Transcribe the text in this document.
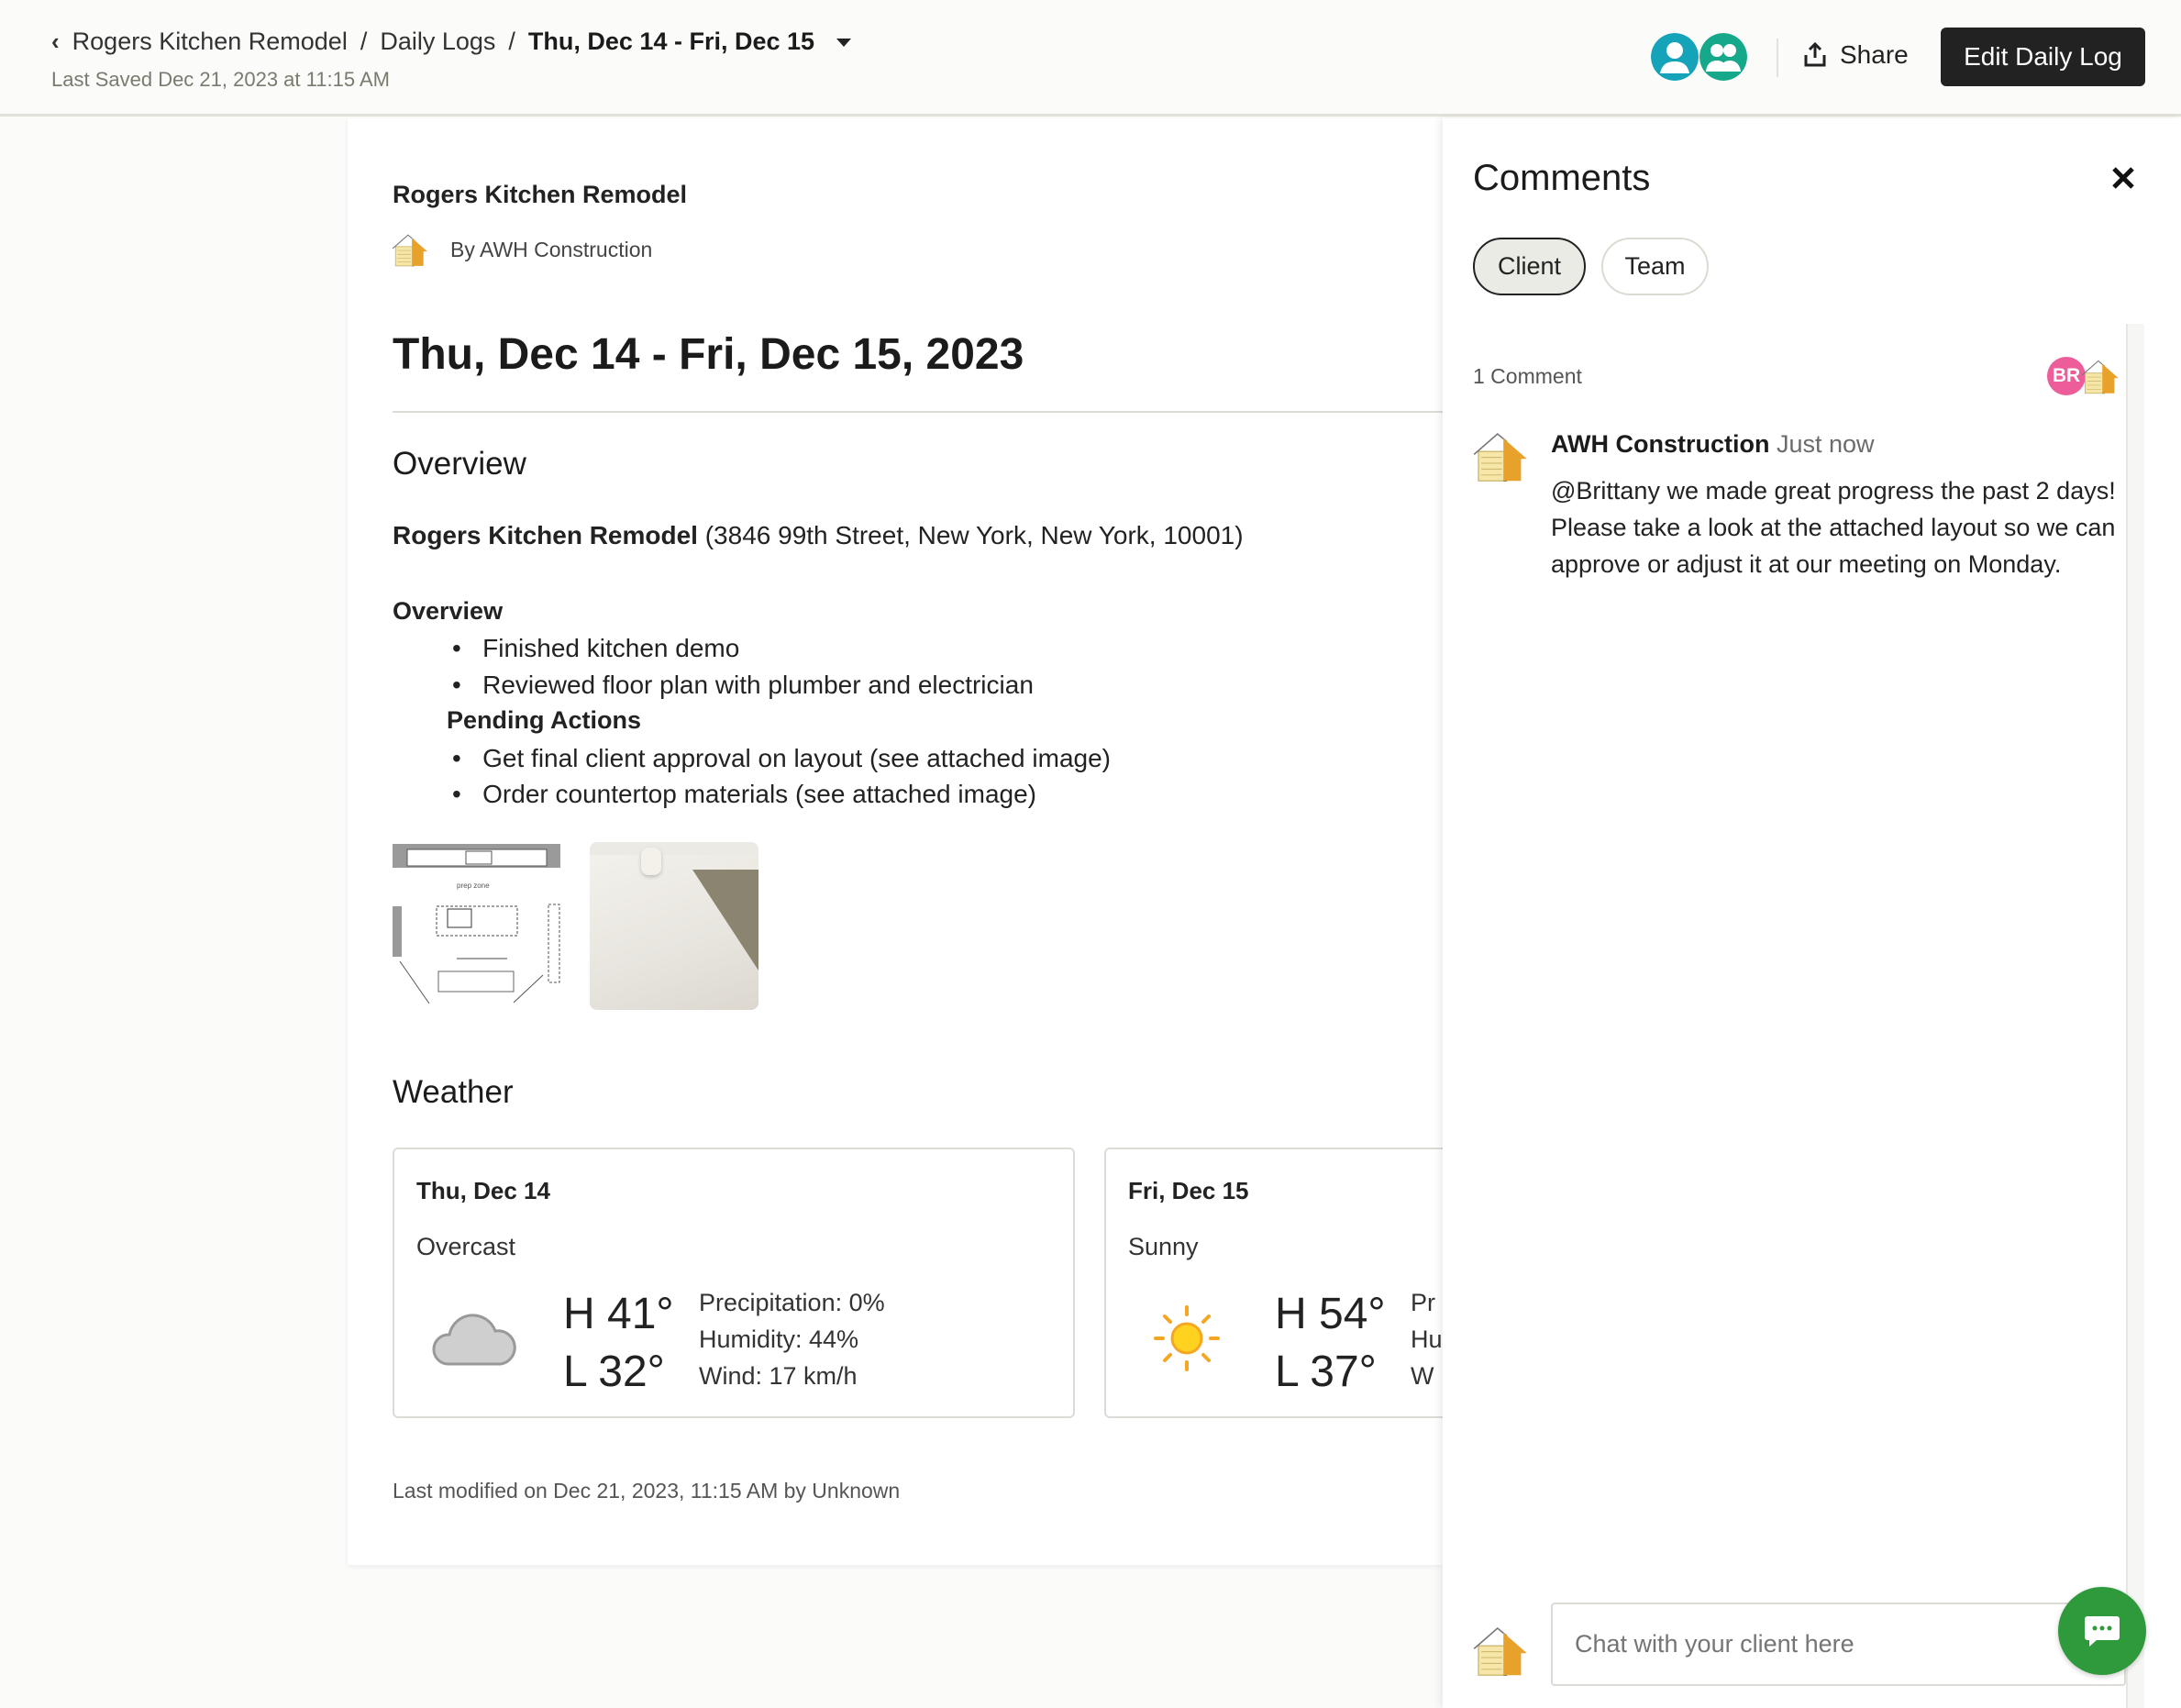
‹ Rogers Kitchen Remodel / Daily Logs / Thu, Dec 14 - Fri, Dec 15
Last Saved Dec 21, 2023 at 11:15 AM
Share	Edit Daily Log
Rogers Kitchen Remodel
By AWH Construction
Thu, Dec 14 - Fri, Dec 15, 2023
Overview
Rogers Kitchen Remodel (3846 99th Street, New York, New York, 10001)
Overview
•   Finished kitchen demo
•   Reviewed floor plan with plumber and electrician
Pending Actions
•   Get final client approval on layout (see attached image)
•   Order countertop materials (see attached image)
prep zone
Weather
Thu, Dec 14
Overcast
H 41°
L 32°
Precipitation: 0%
Humidity: 44%
Wind: 17 km/h
Fri, Dec 15
Sunny
H 54°
L 37°
Pr
Hu
W
Last modified on Dec 21, 2023, 11:15 AM by Unknown
Comments
Client	Team
1 Comment	BR
AWH Construction Just now
@Brittany we made great progress the past 2 days! Please take a look at the attached layout so we can approve or adjust it at our meeting on Monday.
Chat with your client here
